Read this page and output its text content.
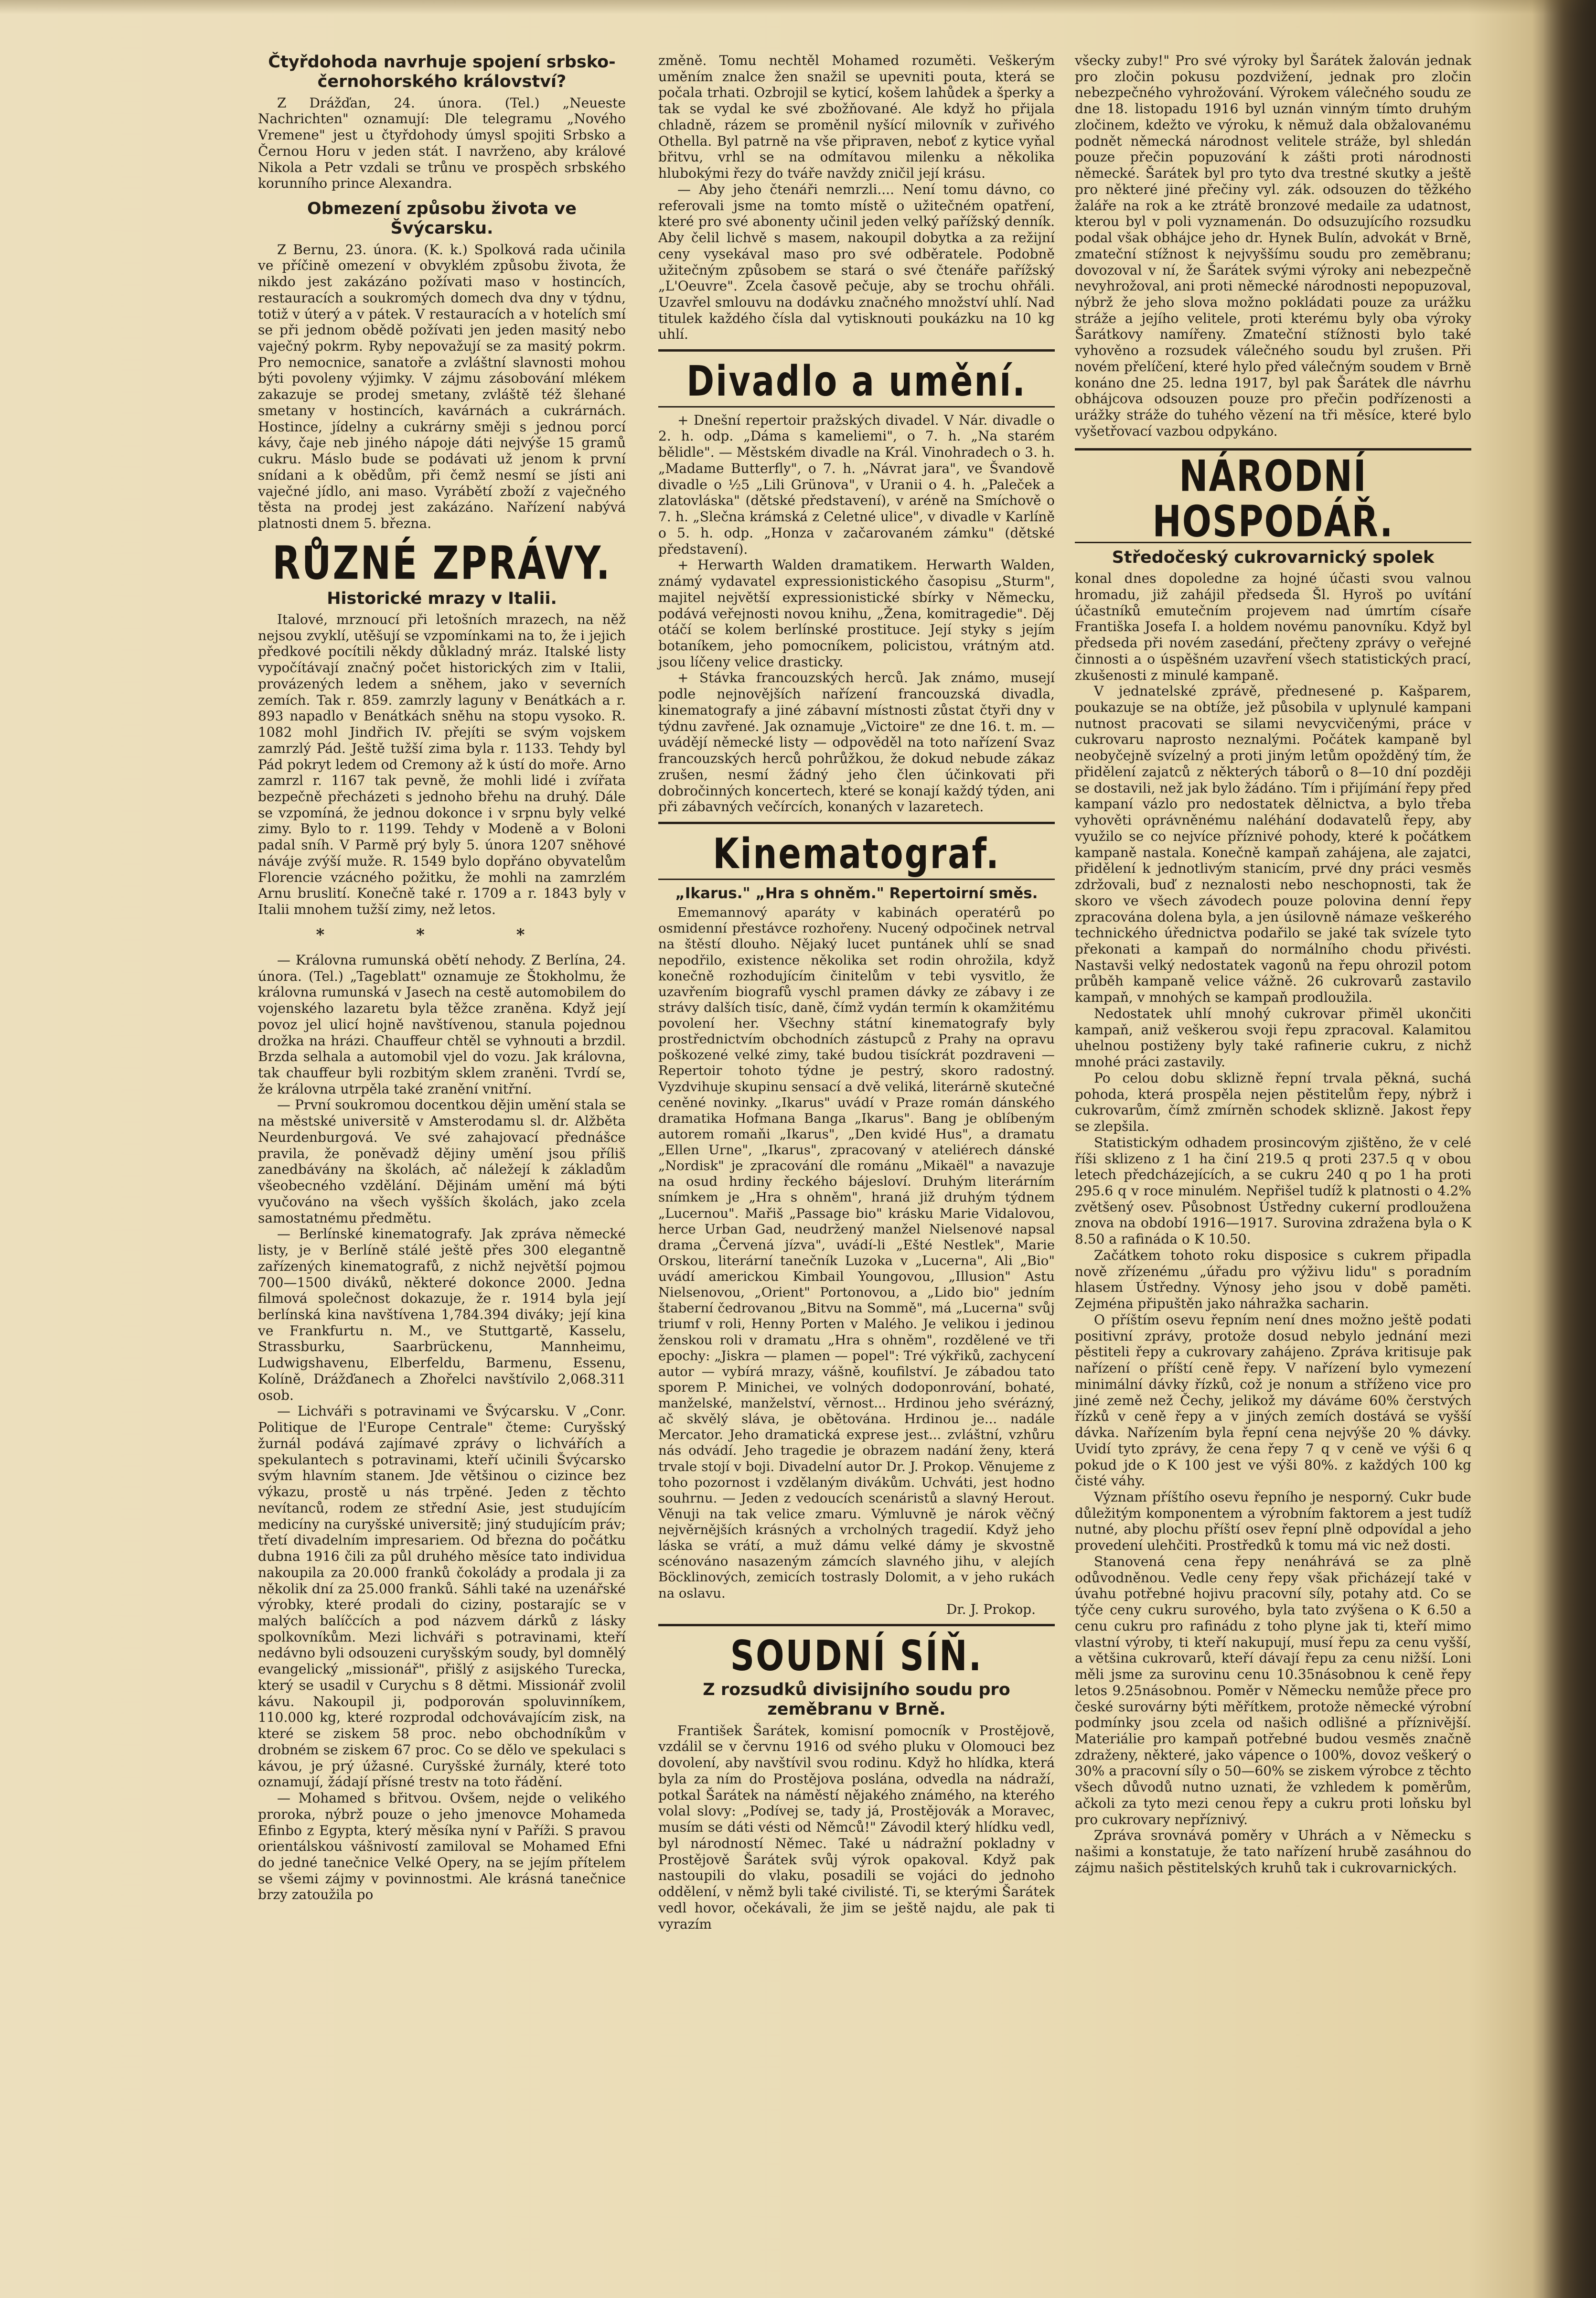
Čtyřdohoda navrhuje spojení srbsko-černohorského království?

Z Drážďan, 24. února. (Tel.) „Neueste Nachrichten" oznamují: Dle telegramu „Nového Vremene" jest u čtyřdohody úmysl spojiti Srbsko a Černou Horu v jeden stát. I navrženo, aby králové Nikola a Petr vzdali se trůnu ve prospěch srbského korunního prince Alexandra.

Obmezení způsobu života ve Švýcarsku.

Z Bernu, 23. února. (K. k.) Spolková rada učinila ve příčině omezení v obvyklém způsobu života, že nikdo jest zakázáno požívati maso v hostincích, restauracích a soukromých domech dva dny v týdnu, totiž v úterý a v pátek. V restauracích a v hotelích smí se při jednom obědě požívati jen jeden masitý nebo vaječný pokrm. Ryby nepovažují se za masitý pokrm. Pro nemocnice, sanatoře a zvláštní slavnosti mohou býti povoleny výjimky. V zájmu zásobování mlékem zakazuje se prodej smetany, zvláště též šlehané smetany v hostincích, kavárnách a cukrárnách. Hostince, jídelny a cukrárny směji s jednou porcí kávy, čaje neb jiného nápoje dáti nejvýše 15 gramů cukru. Máslo bude se podávati už jenom k první snídani a k obědům, při čemž nesmí se jísti ani vaječné jídlo, ani maso. Vyrábětí zboží z vaječného těsta na prodej jest zakázáno. Nařízení nabývá platnosti dnem 5. března.

RŮZNÉ ZPRÁVY.
Historické mrazy v Italii.

Italové, mrznoucí při letošních mrazech, na něž nejsou zvyklí, utěšují se vzpomínkami na to, že i jejich předkové pocítili někdy důkladný mráz. Italské listy vypočítávají značný počet historických zim v Italii, provázených ledem a sněhem, jako v severních zemích. Tak r. 859. zamrzly laguny v Benátkách a r. 893 napadlo v Benátkách sněhu na stopu vysoko. R. 1082 mohl Jindřich IV. přejíti se svým vojskem zamrzlý Pád. Ještě tužší zima byla r. 1133. Tehdy byl Pád pokryt ledem od Cremony až k ústí do moře. Arno zamrzl r. 1167 tak pevně, že mohli lidé i zvířata bezpečně přecházeti s jednoho břehu na druhý. Dále se vzpomíná, že jednou dokonce i v srpnu byly velké zimy. Bylo to r. 1199. Tehdy v Modeně a v Boloni padal sníh. V Parmě prý byly 5. února 1207 sněhové náváje zvýší muže. R. 1549 bylo dopřáno obyvatelům Florencie vzácného požitku, že mohli na zamrzlém Arnu bruslití. Konečně také r. 1709 a r. 1843 byly v Italii mnohem tužší zimy, než letos.

* * *

— Královna rumunská obětí nehody. Z Berlína, 24. února. (Tel.) „Tageblatt" oznamuje ze Štokholmu, že královna rumunská v Jasech na cestě automobilem do vojenského lazaretu byla těžce zraněna. Když její povoz jel ulicí hojně navštívenou, stanula pojednou drožka na hrázi. Chauffeur chtěl se vyhnouti a brzdil. Brzda selhala a automobil vjel do vozu. Jak královna, tak chauffeur byli rozbitým sklem zraněni. Tvrdí se, že královna utrpěla také zranění vnitřní.

— První soukromou docentkou dějin umění stala se na městské universitě v Amsterodamu sl. dr. Alžběta Neurdenburgová. Ve své zahajovací přednášce pravila, že poněvadž dějiny umění jsou příliš zanedbávány na školách, ač náležejí k základům všeobecného vzdělání. Dějinám umění má býti vyučováno na všech vyšších školách, jako zcela samostatnému předmětu.

— Berlínské kinematografy. Jak zpráva německé listy, je v Berlíně stálé ještě přes 300 elegantně zařízených kinematografů, z nichž největší pojmou 700—1500 diváků, některé dokonce 2000. Jedna filmová společnost dokazuje, že r. 1914 byla její berlínská kina navštívena 1,784.394 diváky; její kina ve Frankfurtu n. M., ve Stuttgartě, Kasselu, Strassburku, Saarbrückenu, Mannheimu, Ludwigshavenu, Elberfeldu, Barmenu, Essenu, Kolíně, Drážďanech a Zhořelci navštívilo 2,068.311 osob.

— Lichváři s potravinami ve Švýcarsku. V „Conr. Politique de l'Europe Centrale" čteme: Curyšský žurnál podává zajímavé zprávy o lichvářích a spekulantech s potravinami, kteří učinili Švýcarsko svým hlavním stanem. Jde většinou o cizince bez výkazu, prostě u nás trpěné. Jeden z těchto nevítanců, rodem ze střední Asie, jest studujícím medicíny na curyšské universitě; jiný studujícím práv; třetí divadelním impresariem. Od března do počátku dubna 1916 čili za půl druhého měsíce tato individua nakoupila za 20.000 franků čokolády a prodala ji za několik dní za 25.000 franků. Sáhli také na uzenářské výrobky, které prodali do ciziny, postarajíc se v malých balíčcích a pod názvem dárků z lásky spolkovníkům. Mezi lichváři s potravinami, kteří nedávno byli odsouzeni curyšským soudy, byl domnělý evangelický „missionář", přišlý z asijského Turecka, který se usadil v Curychu s 8 dětmi. Missionář zvolil kávu. Nakoupil ji, podporován spoluvinníkem, 110.000 kg, které rozprodal odchovávajícím zisk, na které se ziskem 58 proc. nebo obchodníkům v drobném se ziskem 67 proc. Co se dělo ve spekulaci s kávou, je prý úžasné. Curyšské žurnály, které toto oznamují, žádají přísné trestv na toto řádění.

— Mohamed s břitvou. Ovšem, nejde o velikého proroka, nýbrž pouze o jeho jmenovce Mohameda Efinbo z Egypta, který měsíka nyní v Paříži. S pravou orientálskou vášnivostí zamiloval se Mohamed Efni do jedné tanečnice Velké Opery, na se jejím přítelem se všemi zájmy v povinnostmi. Ale krásná tanečnice brzy zatoužila po

změně. Tomu nechtěl Mohamed rozuměti. Veškerým uměním znalce žen snažil se upevniti pouta, která se počala trhati. Ozbrojil se kyticí, košem lahůdek a šperky a tak se vydal ke své zbožňované. Ale když ho přijala chladně, rázem se proměnil nyšící milovník v zuřivého Othella. Byl patrně na vše připraven, neboť z kytice vyňal břitvu, vrhl se na odmítavou milenku a několika hlubokými řezy do tváře navždy zničil její krásu.

— Aby jeho čtenáři nemrzli.... Není tomu dávno, co referovali jsme na tomto místě o užitečném opatření, které pro své abonenty učinil jeden velký pařížský denník. Aby čelil lichvě s masem, nakoupil dobytka a za režijní ceny vysekával maso pro své odběratele. Podobně užitečným způsobem se stará o své čtenáře pařížský „L'Oeuvre". Zcela časově pečuje, aby se trochu ohřáli. Uzavřel smlouvu na dodávku značného množství uhlí. Nad titulek každého čísla dal vytisknouti poukázku na 10 kg uhlí.

Divadlo a umění.

+ Dnešní repertoir pražských divadel. V Nár. divadle o 2. h. odp. „Dáma s kameliemi", o 7. h. „Na starém bělidle". — Městském divadle na Král. Vinohradech o 3. h. „Madame Butterfly", o 7. h. „Návrat jara", ve Švandově divadle o ½5 „Lili Grünova", v Uranii o 4. h. „Paleček a zlatovláska" (dětské představení), v aréně na Smíchově o 7. h. „Slečna krámská z Celetné ulice", v divadle v Karlíně o 5. h. odp. „Honza v začarovaném zámku" (dětské představení).

+ Herwarth Walden dramatikem. Herwarth Walden, známý vydavatel expressionistického časopisu „Sturm", majitel největší expressionistické sbírky v Německu, podává veřejnosti novou knihu, „Žena, komitragedie". Děj otáčí se kolem berlínské prostituce. Její styky s jejím botaníkem, jeho pomocníkem, policistou, vrátným atd. jsou líčeny velice drasticky.

+ Stávka francouzských herců. Jak známo, musejí podle nejnovějších nařízení francouzská divadla, kinematografy a jiné zábavní místnosti zůstat čtyři dny v týdnu zavřené. Jak oznamuje „Victoire" ze dne 16. t. m. — uvádějí německé listy — odpověděl na toto nařízení Svaz francouzských herců pohrůžkou, že dokud nebude zákaz zrušen, nesmí žádný jeho člen účinkovati při dobročinných koncertech, které se konají každý týden, ani při zábavných večírcích, konaných v lazaretech.

Kinematograf.
„Ikarus." „Hra s ohněm." Repertoirní směs.

Ememannový aparáty v kabinách operatérů po osmidenní přestávce rozhořeny. Nucený odpočinek netrval na štěstí dlouho. Nějaký lucet puntánek uhlí se snad nepodřilo, existence několika set rodin ohrožila, když konečně rozhodujícím činitelům v tebi vysvitlo, že uzavřením biografů vyschl pramen dávky ze zábavy i ze strávy dalších tisíc, daně, čímž vydán termín k okamžitému povolení her. Všechny státní kinematografy byly prostřednictvím obchodních zástupců z Prahy na opravu poškozené velké zimy, také budou tisíckrát pozdraveni — Repertoir tohoto týdne je pestrý, skoro radostný. Vyzdvihuje skupinu sensací a dvě veliká, literárně skutečné ceněné novinky. „Ikarus" uvádí v Praze román dánského dramatika Hofmana Banga „Ikarus". Bang je oblíbeným autorem romaňi „Ikarus", „Den kvidé Hus", a dramatu „Ellen Urne", „Ikarus", zpracovaný v ateliérech dánské „Nordisk" je zpracování dle románu „Mikaël" a navazuje na osud hrdiny řeckého bájesloví. Druhým literárním snímkem je „Hra s ohněm", hraná již druhým týdnem „Lucernou". Mařiš „Passage bio" krásku Marie Vidalovou, herce Urban Gad, neudržený manžel Nielsenové napsal drama „Červená jízva", uvádí-li „Ešté Nestlek", Marie Orskou, literární tanečník Luzoka v „Lucerna", Ali „Bio" uvádí americkou Kimbail Youngovou, „Illusion" Astu Nielsenovou, „Orient" Portonovou, a „Lido bio" jedním štaberní čedrovanou „Bitvu na Sommě", má „Lucerna" svůj triumf v roli, Henny Porten v Malého. Je velikou i jedinou ženskou roli v dramatu „Hra s ohněm", rozdělené ve tři epochy: „Jiskra — plamen — popel": Tré výkřiků, zachycení autor — vybírá mrazy, vášně, koufilství. Je zábadou tato sporem P. Minichei, ve volných dodoponrování, bohaté, manželské, manželství, věrnost... Hrdinou jeho svérázný, ač skvělý sláva, je obětována. Hrdinou je... nadále Mercator. Jeho dramatická exprese jest... zvláštní, vzhůru nás odvádí. Jeho tragedie je obrazem nadání ženy, která trvale stojí v boji. Divadelní autor Dr. J. Prokop. Věnujeme z toho pozornost i vzdělaným divákům. Uchváti, jest hodno souhrnu. — Jeden z vedoucích scenáristů a slavný Herout. Věnuji na tak velice zmaru. Výmluvně je nárok věčný nejvěrnějších krásných a vrcholných tragedií. Když jeho láska se vrátí, a muž dámu velké dámy je skvostně scénováno nasazeným zámcích slavného jihu, v alejích Böcklinových, zemicích tostrasly Dolomit, a v jeho rukách na oslavu.

Dr. J. Prokop.
SOUDNÍ SÍŇ.
Z rozsudků divisijního soudu pro zeměbranu v Brně.

František Šarátek, komisní pomocník v Prostějově, vzdálil se v červnu 1916 od svého pluku v Olomouci bez dovolení, aby navštívil svou rodinu. Když ho hlídka, která byla za ním do Prostějova poslána, odvedla na nádraží, potkal Šarátek na náměstí nějakého známého, na kterého volal slovy: „Podívej se, tady já, Prostějovák a Moravec, musím se dáti vésti od Němců!" Závodil který hlídku vedl, byl národností Němec. Také u nádražní pokladny v Prostějově Šarátek svůj výrok opakoval. Když pak nastoupili do vlaku, posadili se vojáci do jednoho oddělení, v němž byli také civilisté. Ti, se kterými Šarátek vedl hovor, očekávali, že jim se ještě najdu, ale pak ti vyrazím

všecky zuby!" Pro své výroky byl Šarátek žalován jednak pro zločin pokusu pozdvižení, jednak pro zločin nebezpečného vyhrožování. Výrokem válečného soudu ze dne 18. listopadu 1916 byl uznán vinným tímto druhým zločinem, kdežto ve výroku, k němuž dala obžalovanému podnět německá národnost velitele stráže, byl shledán pouze přečin popuzování k zášti proti národnosti německé. Šarátek byl pro tyto dva trestné skutky a ještě pro některé jiné přečiny vyl. zák. odsouzen do těžkého žaláře na rok a ke ztrátě bronzové medaile za udatnost, kterou byl v poli vyznamenán. Do odsuzujícího rozsudku podal však obhájce jeho dr. Hynek Bulín, advokát v Brně, zmateční stížnost k nejvyššímu soudu pro zeměbranu; dovozoval v ní, že Šarátek svými výroky ani nebezpečně nevyhrožoval, ani proti německé národnosti nepopuzoval, nýbrž že jeho slova možno pokládati pouze za urážku stráže a jejího velitele, proti kterému byly oba výroky Šarátkovy namířeny. Zmateční stížnosti bylo také vyhověno a rozsudek válečného soudu byl zrušen. Při novém přelíčení, které hylo před válečným soudem v Brně konáno dne 25. ledna 1917, byl pak Šarátek dle návrhu obhájcova odsouzen pouze pro přečin podřízenosti a urážky stráže do tuhého vězení na tři měsíce, které bylo vyšetřovací vazbou odpykáno.

NÁRODNÍ HOSPODÁŘ.
Středočeský cukrovarnický spolek

konal dnes dopoledne za hojné účasti svou valnou hromadu, již zahájil předseda Šl. Hyroš po uvítání účastníků emutečním projevem nad úmrtím císaře Františka Josefa I. a holdem novému panovníku. Když byl předseda při novém zasedání, přečteny zprávy o veřejné činnosti a o úspěšném uzavření všech statistických prací, zkušenosti z minulé kampaně.

V jednatelské zprávě, přednesené p. Kašparem, poukazuje se na obtíže, jež působila v uplynulé kampani nutnost pracovati se silami nevycvičenými, práce v cukrovaru naprosto neznalými. Počátek kampaně byl neobyčejně svízelný a proti jiným letům opožděný tím, že přidělení zajatců z některých táborů o 8—10 dní později se dostavili, než jak bylo žádáno. Tím i přijímání řepy před kampaní vázlo pro nedostatek dělnictva, a bylo třeba vyhověti oprávněnému naléhání dodavatelů řepy, aby využilo se co nejvíce příznivé pohody, které k počátkem kampaně nastala. Konečně kampaň zahájena, ale zajatci, přidělení k jednotlivým stanicím, prvé dny práci vesměs zdržovali, buď z neznalosti nebo neschopnosti, tak že skoro ve všech závodech pouze polovina denní řepy zpracována dolena byla, a jen úsilovně námaze veškerého technického úřednictva podařilo se jaké tak svízele tyto překonati a kampaň do normálního chodu přivésti. Nastavši velký nedostatek vagonů na řepu ohrozil potom průběh kampaně velice vážně. 26 cukrovarů zastavilo kampaň, v mnohých se kampaň prodloužila.

Nedostatek uhlí mnohý cukrovar přiměl ukončiti kampaň, aniž veškerou svoji řepu zpracoval. Kalamitou uhelnou postiženy byly také rafinerie cukru, z nichž mnohé práci zastavily.

Po celou dobu sklizně řepní trvala pěkná, suchá pohoda, která prospěla nejen pěstitelům řepy, nýbrž i cukrovarům, čímž zmírněn schodek sklizně. Jakost řepy se zlepšila.

Statistickým odhadem prosincovým zjištěno, že v celé říši sklizeno z 1 ha činí 219.5 q proti 237.5 q v obou letech předcházejících, a se cukru 240 q po 1 ha proti 295.6 q v roce minulém. Nepřišel tudíž k platnosti o 4.2% zvětšený osev. Působnost Ústředny cukerní prodloužena znova na období 1916—1917. Surovina zdražena byla o K 8.50 a rafináda o K 10.50.

Začátkem tohoto roku disposice s cukrem připadla nově zřízenému „úřadu pro výživu lidu" s poradním hlasem Ústředny. Výnosy jeho jsou v době paměti. Zejména připuštěn jako náhražka sacharin.

O příštím osevu řepním není dnes možno ještě podati positivní zprávy, protože dosud nebylo jednání mezi pěstiteli řepy a cukrovary zahájeno. Zpráva kritisuje pak nařízení o příští ceně řepy. V nařízení bylo vymezení minimální dávky řízků, což je nonum a stříženo vice pro jiné země než Čechy, jelikož my dáváme 60% čerstvých řízků v ceně řepy a v jiných zemích dostává se vyšší dávka. Nařízením byla řepní cena nejvýše 20 % dávky. Uvidí tyto zprávy, že cena řepy 7 q v ceně ve výši 6 q pokud jde o K 100 jest ve výši 80%. z každých 100 kg čisté váhy.

Význam příštího osevu řepního je nesporný. Cukr bude důležitým komponentem a výrobním faktorem a jest tudíž nutné, aby plochu příští osev řepní plně odpovídal a jeho provedení ulehčiti. Prostředků k tomu má vic než dosti.

Stanovená cena řepy nenáhrává se za plně odůvodněnou. Vedle ceny řepy však přicházejí také v úvahu potřebné hojivu pracovní síly, potahy atd. Co se týče ceny cukru surového, byla tato zvýšena o K 6.50 a cenu cukru pro rafinádu z toho plyne jak ti, kteří mimo vlastní výroby, ti kteří nakupují, musí řepu za cenu vyšší, a většina cukrovarů, kteří dávají řepu za cenu nižší. Loni měli jsme za surovinu cenu 10.35násobnou k ceně řepy letos 9.25násobnou. Poměr v Německu nemůže přece pro české surovárny býti měřítkem, protože německé výrobní podmínky jsou zcela od našich odlišné a příznivější. Materiálie pro kampaň potřebné budou vesměs značně zdraženy, některé, jako vápence o 100%, dovoz veškerý o 30% a pracovní síly o 50—60% se ziskem výrobce z těchto všech důvodů nutno uznati, že vzhledem k poměrům, ačkoli za tyto mezi cenou řepy a cukru proti loňsku byl pro cukrovary nepříznivý.

Zpráva srovnává poměry v Uhrách a v Německu s našimi a konstatuje, že tato nařízení hrubě zasáhnou do zájmu našich pěstitelských kruhů tak i cukrovarnických.
